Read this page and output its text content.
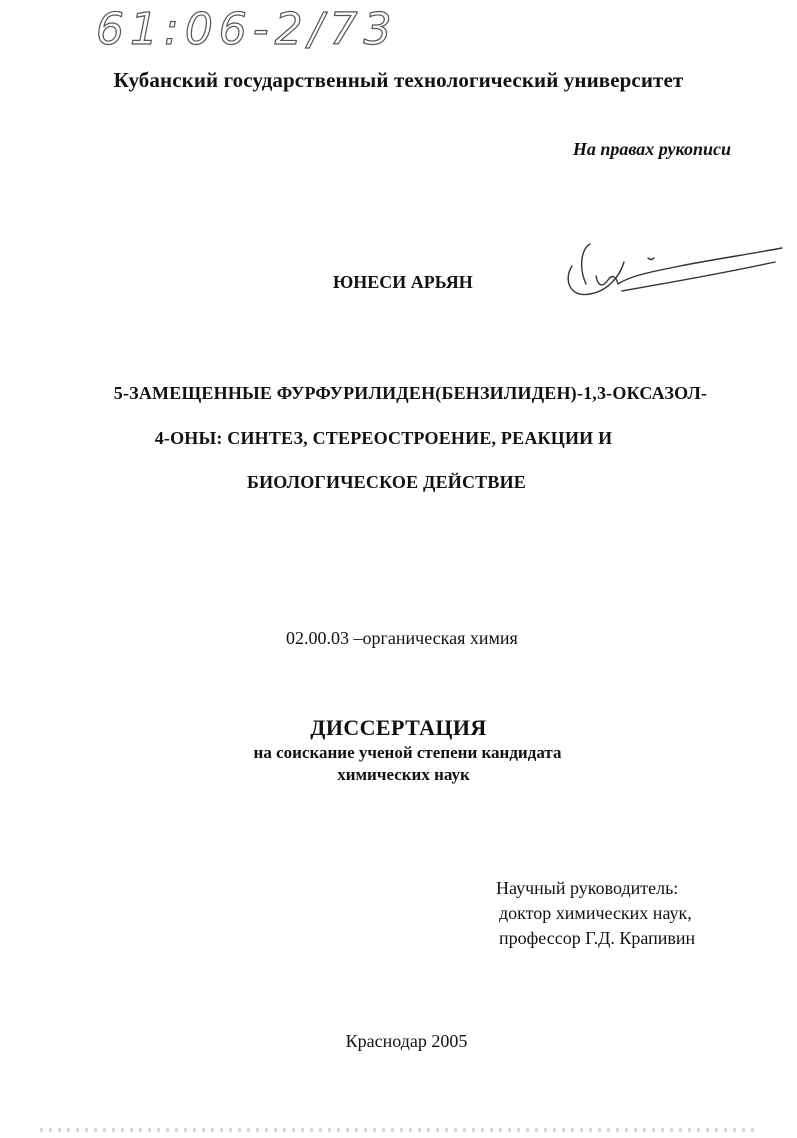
61:06-2/73
Кубанский государственный технологический университет
На правах рукописи
ЮНЕСИ АРЬЯН
5-ЗАМЕЩЕННЫЕ ФУРФУРИЛИДЕН(БЕНЗИЛИДЕН)-1,3-ОКСАЗОЛ-
4-ОНЫ: СИНТЕЗ, СТЕРЕОСТРОЕНИЕ, РЕАКЦИИ И
БИОЛОГИЧЕСКОЕ ДЕЙСТВИЕ
02.00.03 –органическая химия
ДИССЕРТАЦИЯ
на соискание ученой степени кандидата
химических наук
Научный руководитель:
доктор химических наук,
профессор Г.Д. Крапивин
Краснодар 2005
